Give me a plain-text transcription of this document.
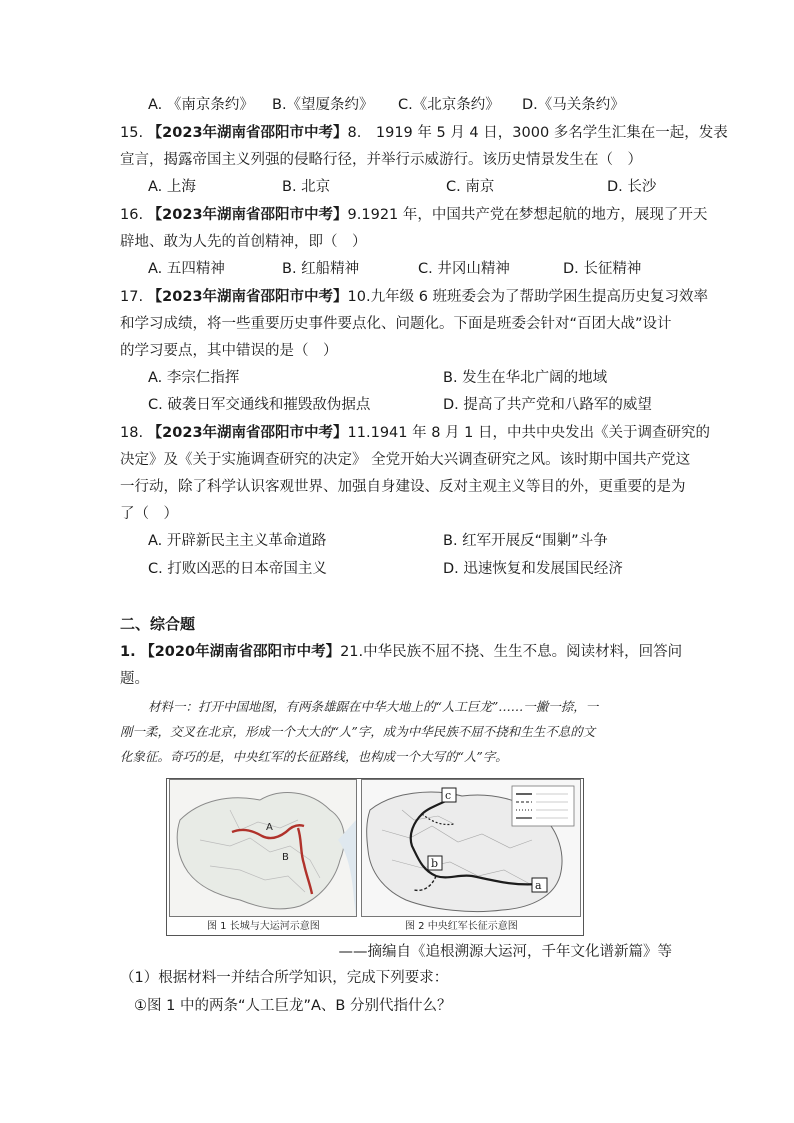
A. 《南京条约》 B.《望厦条约》 C.《北京条约》 D.《马关条约》
15. 【2023年湖南省邵阳市中考】8.　1919 年 5 月 4 日，3000 多名学生汇集在一起，发表
宣言，揭露帝国主义列强的侵略行径，并举行示威游行。该历史情景发生在（　）
A. 上海	B. 北京	C. 南京	D. 长沙
16. 【2023年湖南省邵阳市中考】9.1921 年，中国共产党在梦想起航的地方，展现了开天
辟地、敢为人先的首创精神，即（　）
A. 五四精神	B. 红船精神	C. 井冈山精神	D. 长征精神
17. 【2023年湖南省邵阳市中考】10.九年级 6 班班委会为了帮助学困生提高历史复习效率
和学习成绩，将一些重要历史事件要点化、问题化。下面是班委会针对“百团大战”设计
的学习要点，其中错误的是（　）
A. 李宗仁指挥	B. 发生在华北广阔的地域
C. 破袭日军交通线和摧毁敌伪据点	D. 提高了共产党和八路军的威望
18. 【2023年湖南省邵阳市中考】11.1941 年 8 月 1 日，中共中央发出《关于调查研究的
决定》及《关于实施调查研究的决定》 全党开始大兴调查研究之风。该时期中国共产党这
一行动，除了科学认识客观世界、加强自身建设、反对主观主义等目的外，更重要的是为
了（　）
A. 开辟新民主主义革命道路	B. 红军开展反“围剿”斗争
C. 打败凶恶的日本帝国主义	D. 迅速恢复和发展国民经济
二、综合题
1. 【2020年湖南省邵阳市中考】21.中华民族不屈不挠、生生不息。阅读材料，回答问
题。
材料一：打开中国地图，有两条雄踞在中华大地上的“人工巨龙”……一撇一捺，一
刚一柔，交叉在北京，形成一个大大的“人”字，成为中华民族不屈不挠和生生不息的文
化象征。奇巧的是，中央红军的长征路线，也构成一个大写的“人”字。
A
B
图 1 长城与大运河示意图
c
b
a
图 2 中央红军长征示意图
——摘编自《追根溯源大运河，千年文化谱新篇》等
（1）根据材料一并结合所学知识，完成下列要求：
①图 1 中的两条“人工巨龙”A、B 分别代指什么？
